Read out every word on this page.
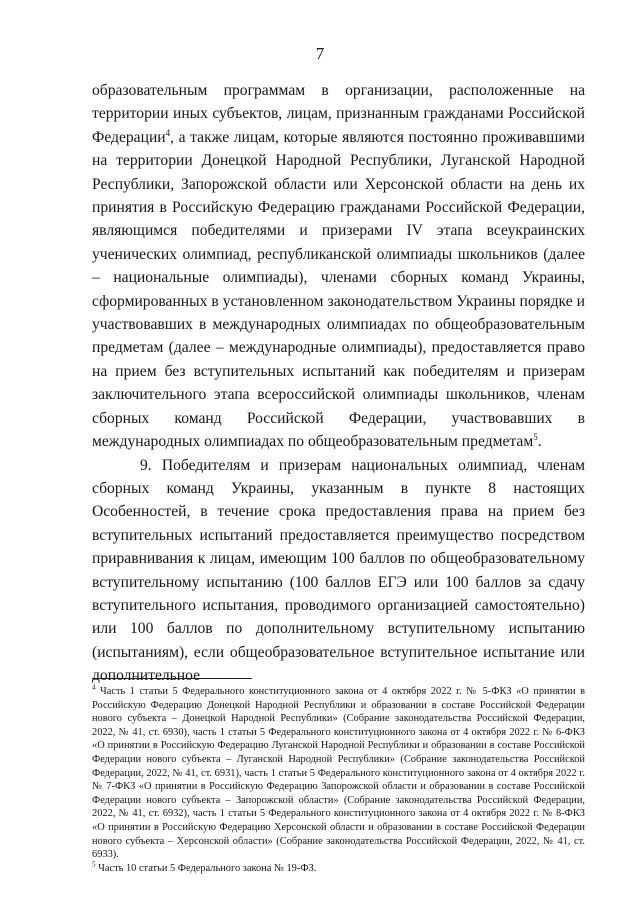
7

образовательным программам в организации, расположенные на территории иных субъектов, лицам, признанным гражданами Российской Федерации$^4$, а также лицам, которые являются постоянно проживавшими на территории Донецкой Народной Республики, Луганской Народной Республики, Запорожской области или Херсонской области на день их принятия в Российскую Федерацию гражданами Российской Федерации, являющимся победителями и призерами IV этапа всеукраинских ученических олимпиад, республиканской олимпиады школьников (далее – национальные олимпиады), членами сборных команд Украины, сформированных в установленном законодательством Украины порядке и участвовавших в международных олимпиадах по общеобразовательным предметам (далее – международные олимпиады), предоставляется право на прием без вступительных испытаний как победителям и призерам заключительного этапа всероссийской олимпиады школьников, членам сборных команд Российской Федерации, участвовавших в международных олимпиадах по общеобразовательным предметам$^5$.

9. Победителям и призерам национальных олимпиад, членам сборных команд Украины, указанным в пункте 8 настоящих Особенностей, в течение срока предоставления права на прием без вступительных испытаний предоставляется преимущество посредством приравнивания к лицам, имеющим 100 баллов по общеобразовательному вступительному испытанию (100 баллов ЕГЭ или 100 баллов за сдачу вступительного испытания, проводимого организацией самостоятельно) или 100 баллов по дополнительному вступительному испытанию (испытаниям), если общеобразовательное вступительное испытание или дополнительное

$^4$ Часть 1 статьи 5 Федерального конституционного закона от 4 октября 2022 г. № 5-ФКЗ «О принятии в Российскую Федерацию Донецкой Народной Республики и образовании в составе Российской Федерации нового субъекта – Донецкой Народной Республики» (Собрание законодательства Российской Федерации, 2022, № 41, ст. 6930), часть 1 статьи 5 Федерального конституционного закона от 4 октября 2022 г. № 6-ФКЗ «О принятии в Российскую Федерацию Луганской Народной Республики и образовании в составе Российской Федерации нового субъекта – Луганской Народной Республики» (Собрание законодательства Российской Федерации, 2022, № 41, ст. 6931), часть 1 статьи 5 Федерального конституционного закона от 4 октября 2022 г. № 7-ФКЗ «О принятии в Российскую Федерацию Запорожской области и образовании в составе Российской Федерации нового субъекта – Запорожской области» (Собрание законодательства Российской Федерации, 2022, № 41, ст. 6932), часть 1 статьи 5 Федерального конституционного закона от 4 октября 2022 г. № 8-ФКЗ «О принятии в Российскую Федерацию Херсонской области и образовании в составе Российской Федерации нового субъекта – Херсонской области» (Собрание законодательства Российской Федерации, 2022, № 41, ст. 6933).

$^5$ Часть 10 статьи 5 Федерального закона № 19-ФЗ.
